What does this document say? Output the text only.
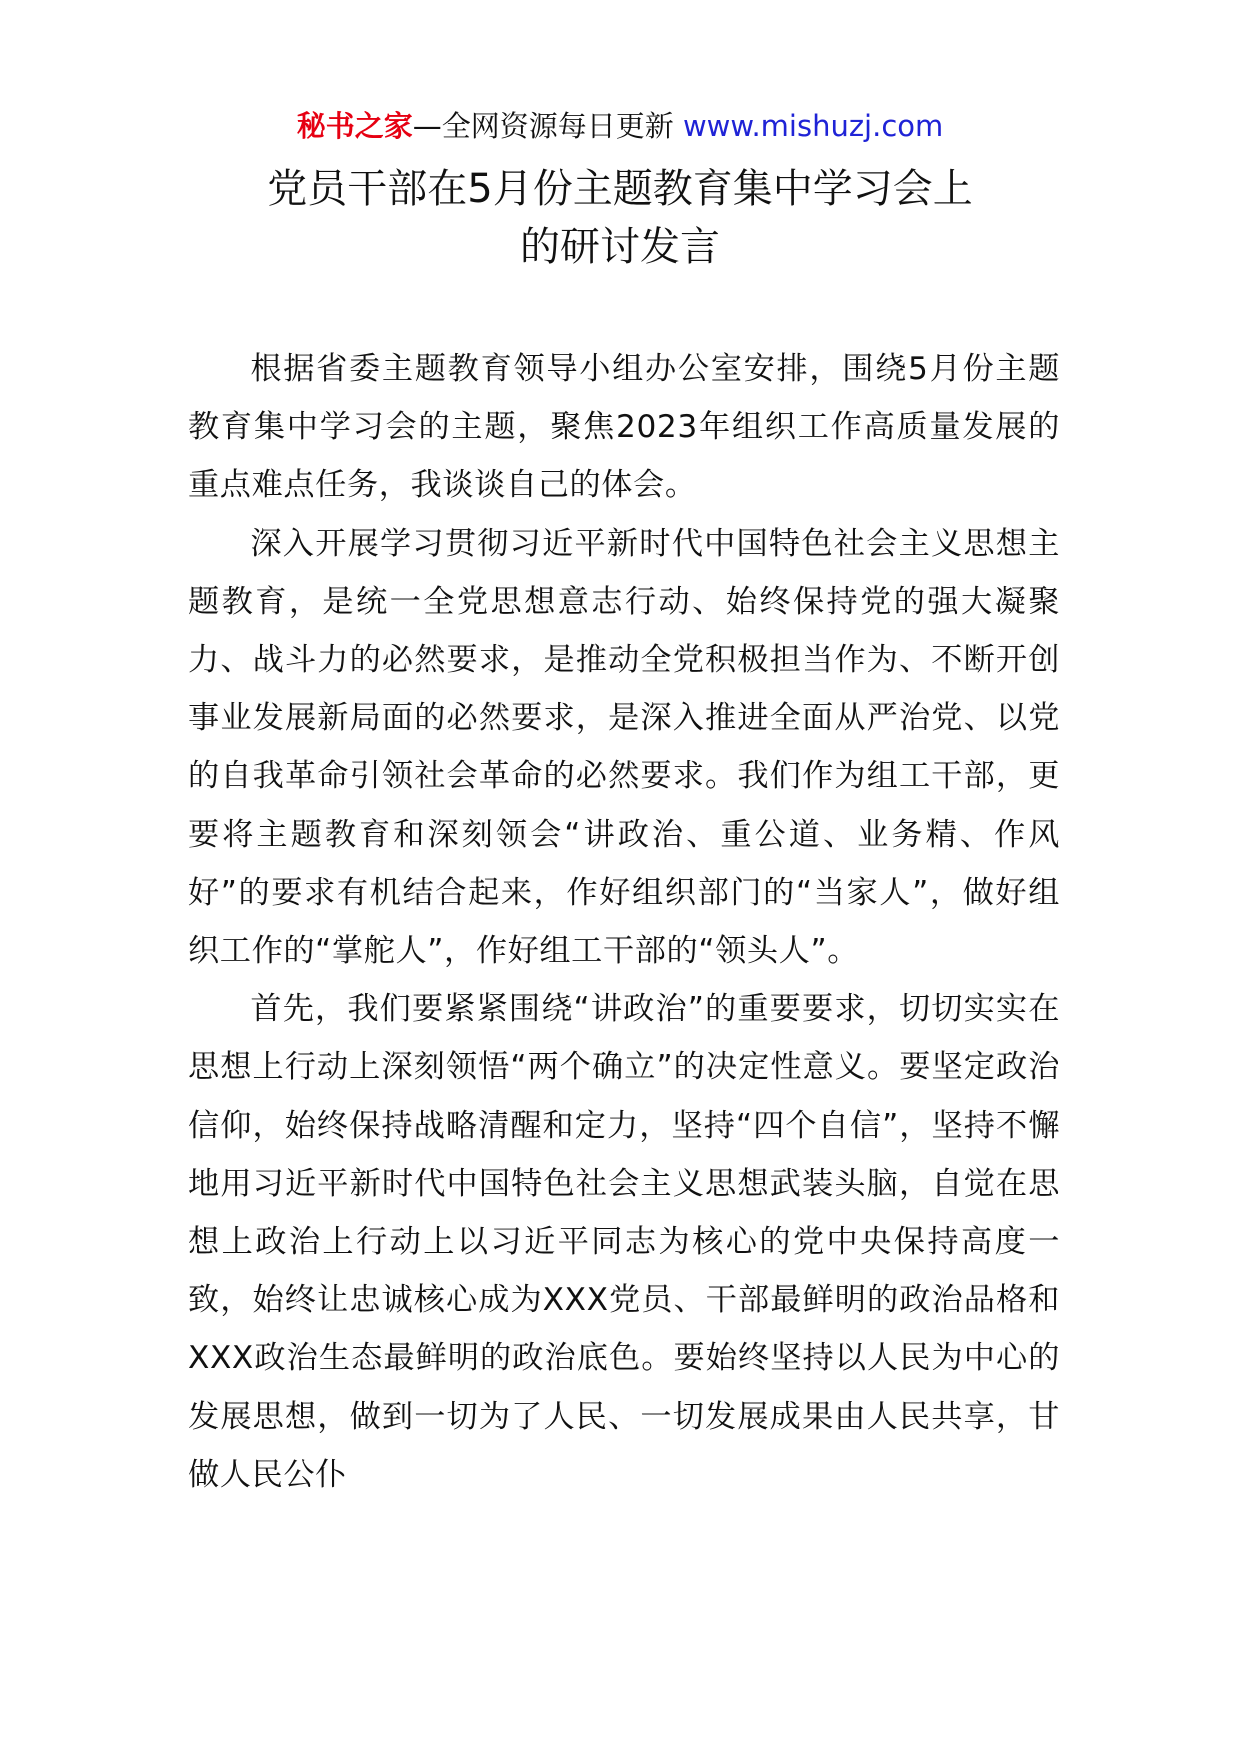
秘书之家—全网资源每日更新 www.mishuzj.com
党员干部在5月份主题教育集中学习会上
的研讨发言

根据省委主题教育领导小组办公室安排，围绕5月份主题教育集中学习会的主题，聚焦2023年组织工作高质量发展的重点难点任务，我谈谈自己的体会。

深入开展学习贯彻习近平新时代中国特色社会主义思想主题教育，是统一全党思想意志行动、始终保持党的强大凝聚力、战斗力的必然要求，是推动全党积极担当作为、不断开创事业发展新局面的必然要求，是深入推进全面从严治党、以党的自我革命引领社会革命的必然要求。我们作为组工干部，更要将主题教育和深刻领会“讲政治、重公道、业务精、作风好”的要求有机结合起来，作好组织部门的“当家人”，做好组织工作的“掌舵人”，作好组工干部的“领头人”。

首先，我们要紧紧围绕“讲政治”的重要要求，切切实实在思想上行动上深刻领悟“两个确立”的决定性意义。要坚定政治信仰，始终保持战略清醒和定力，坚持“四个自信”，坚持不懈地用习近平新时代中国特色社会主义思想武装头脑，自觉在思想上政治上行动上以习近平同志为核心的党中央保持高度一致，始终让忠诚核心成为XXX党员、干部最鲜明的政治品格和XXX政治生态最鲜明的政治底色。要始终坚持以人民为中心的发展思想，做到一切为了人民、一切发展成果由人民共享，甘做人民公仆
